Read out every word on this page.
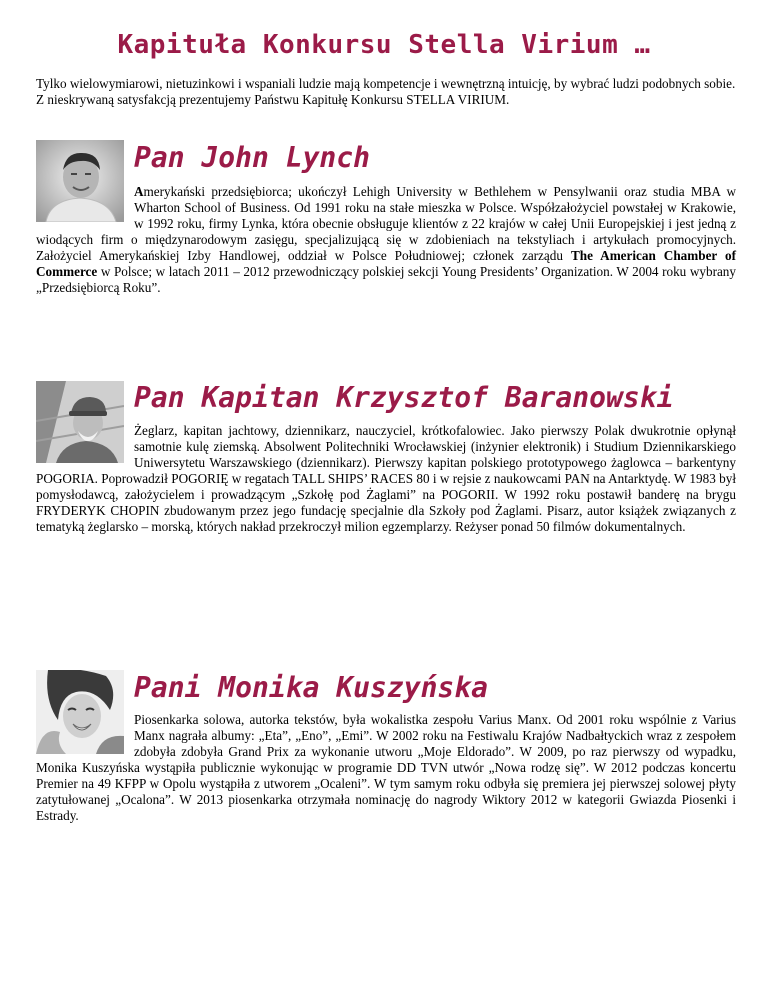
Kapituła Konkursu Stella Virium …
Tylko wielowymiarowi, nietuzinkowi i wspaniali ludzie mają kompetencje i wewnętrzną intuicję, by wybrać ludzi podobnych sobie. Z nieskrywaną satysfakcją prezentujemy Państwu Kapitułę Konkursu STELLA VIRIUM.
Pan John Lynch

Amerykański przedsiębiorca; ukończył Lehigh University w Bethlehem w Pensylwanii oraz studia MBA w Wharton School of Business. Od 1991 roku na stałe mieszka w Polsce. Współzałożyciel powstałej w Krakowie, w 1992 roku, firmy Lynka, która obecnie obsługuje klientów z 22 krajów w całej Unii Europejskiej i jest jedną z wiodących firm o międzynarodowym zasięgu, specjalizującą się w zdobieniach na tekstyliach i artykułach promocyjnych. Założyciel Amerykańskiej Izby Handlowej, oddział w Polsce Południowej; członek zarządu The American Chamber of Commerce w Polsce; w latach 2011 – 2012 przewodniczący polskiej sekcji Young Presidents’ Organization. W 2004 roku wybrany „Przedsiębiorcą Roku”.

Pan Kapitan Krzysztof Baranowski

Żeglarz, kapitan jachtowy, dziennikarz, nauczyciel, krótkofalowiec. Jako pierwszy Polak dwukrotnie opłynął samotnie kulę ziemską. Absolwent Politechniki Wrocławskiej (inżynier elektronik) i Studium Dziennikarskiego Uniwersytetu Warszawskiego (dziennikarz). Pierwszy kapitan polskiego prototypowego żaglowca – barkentyny POGORIA. Poprowadził POGORIĘ w regatach TALL SHIPS’ RACES 80 i w rejsie z naukowcami PAN na Antarktydę. W 1983 był pomysłodawcą, założycielem i prowadzącym „Szkołę pod Żaglami” na POGORII. W 1992 roku postawił banderę na brygu FRYDERYK CHOPIN zbudowanym przez jego fundację specjalnie dla Szkoły pod Żaglami. Pisarz, autor książek związanych z tematyką żeglarsko – morską, których nakład przekroczył milion egzemplarzy. Reżyser ponad 50 filmów dokumentalnych.

Pani Monika Kuszyńska

Piosenkarka solowa, autorka tekstów, była wokalistka zespołu Varius Manx. Od 2001 roku wspólnie z Varius Manx nagrała albumy: „Eta”, „Eno”, „Emi”. W 2002 roku na Festiwalu Krajów Nadbałtyckich wraz z zespołem zdobyła zdobyła Grand Prix za wykonanie utworu „Moje Eldorado”. W 2009, po raz pierwszy od wypadku, Monika Kuszyńska wystąpiła publicznie wykonując w programie DD TVN utwór „Nowa rodzę się”. W 2012 podczas koncertu Premier na 49 KFPP w Opolu wystąpiła z utworem „Ocaleni”. W tym samym roku odbyła się premiera jej pierwszej solowej płyty zatytułowanej „Ocalona”. W 2013 piosenkarka otrzymała nominację do nagrody Wiktory 2012 w kategorii Gwiazda Piosenki i Estrady.
